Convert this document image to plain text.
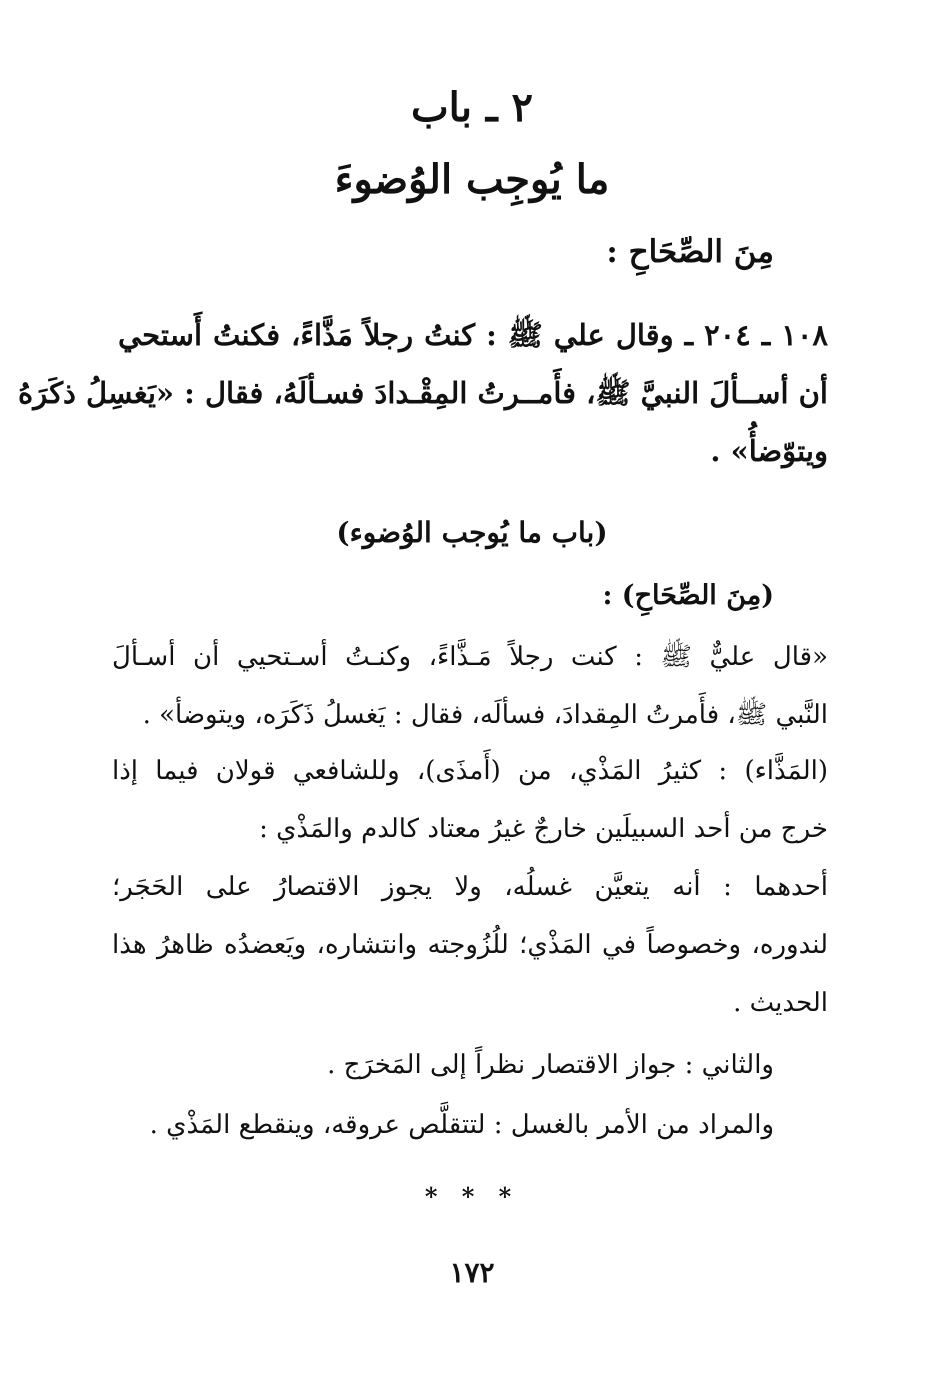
٢ ـ باب
ما يُوجِب الوُضوءَ
مِنَ الصِّحَاحِ :
١٠٨ ـ ٢٠٤ ـ وقال علي ﷺ : كنتُ رجلاً مَذَّاءً، فكنتُ أَستحي
أن أســألَ النبيَّ ﷺ، فأَمــرتُ المِقْـدادَ فسـألَهُ، فقال : «يَغسِلُ ذكَرَهُ
ويتوّضأُ» .
(باب ما يُوجب الوُضوء)
(مِنَ الصِّحَاحِ) :
«قال عليٌّ ﷺ : كنت رجلاً مَـذَّاءً، وكنـتُ أسـتحيي أن أسـألَ
النَّبي ﷺ، فأَمرتُ المِقدادَ، فسألَه، فقال : يَغسلُ ذَكَرَه، ويتوضأ» .
(المَذَّاء) : كثيرُ المَذْي، من (أَمذَى)، وللشافعي قولان فيما إذا
خرج من أحد السبيلَين خارجٌ غيرُ معتاد كالدم والمَذْي :
أحدهما : أنه يتعيَّن غسلُه، ولا يجوز الاقتصارُ على الحَجَر؛
لندوره، وخصوصاً في المَذْي؛ للُزُوجته وانتشاره، ويَعضدُه ظاهرُ هذا
الحديث .
والثاني : جواز الاقتصار نظراً إلى المَخرَج .
والمراد من الأمر بالغسل : لتتقلَّص عروقه، وينقطع المَذْي .
* * *
١٧٢
